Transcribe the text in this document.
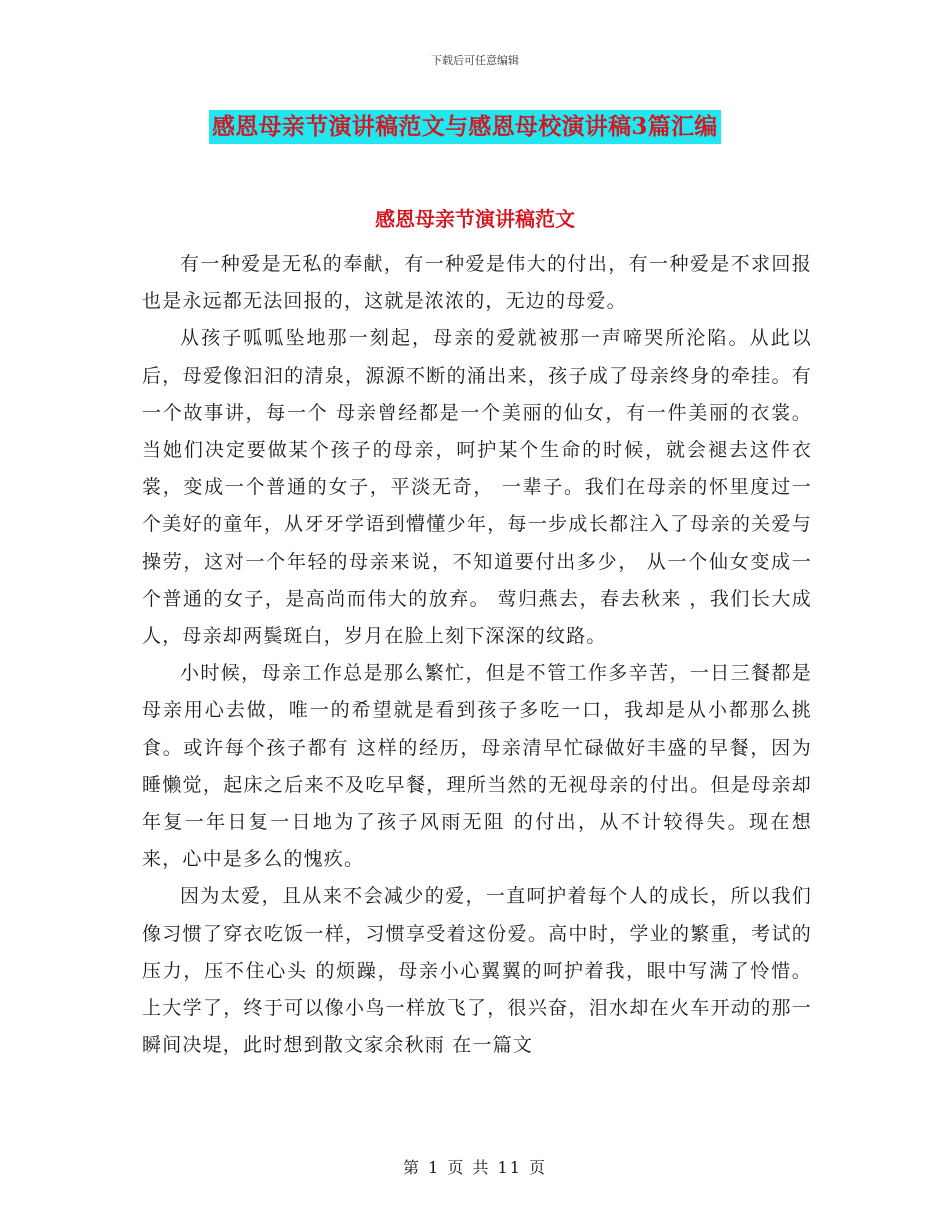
下载后可任意编辑
感恩母亲节演讲稿范文与感恩母校演讲稿3篇汇编
感恩母亲节演讲稿范文

有一种爱是无私的奉献，有一种爱是伟大的付出，有一种爱是不求回报也是永远都无法回报的，这就是浓浓的，无边的母爱。

从孩子呱呱坠地那一刻起，母亲的爱就被那一声啼哭所沦陷。从此以后，母爱像汩汩的清泉，源源不断的涌出来，孩子成了母亲终身的牵挂。有一个故事讲，每一个 母亲曾经都是一个美丽的仙女，有一件美丽的衣裳。当她们决定要做某个孩子的母亲，呵护某个生命的时候，就会褪去这件衣裳，变成一个普通的女子，平淡无奇， 一辈子。我们在母亲的怀里度过一个美好的童年，从牙牙学语到懵懂少年，每一步成长都注入了母亲的关爱与操劳，这对一个年轻的母亲来说，不知道要付出多少， 从一个仙女变成一个普通的女子，是高尚而伟大的放弃。 莺归燕去，春去秋来 ，我们长大成人，母亲却两鬓斑白，岁月在脸上刻下深深的纹路。

小时候，母亲工作总是那么繁忙，但是不管工作多辛苦，一日三餐都是母亲用心去做，唯一的希望就是看到孩子多吃一口，我却是从小都那么挑食。或许每个孩子都有 这样的经历，母亲清早忙碌做好丰盛的早餐，因为睡懒觉，起床之后来不及吃早餐，理所当然的无视母亲的付出。但是母亲却年复一年日复一日地为了孩子风雨无阻 的付出，从不计较得失。现在想来，心中是多么的愧疚。

因为太爱，且从来不会减少的爱，一直呵护着每个人的成长，所以我们像习惯了穿衣吃饭一样，习惯享受着这份爱。高中时，学业的繁重，考试的压力，压不住心头 的烦躁，母亲小心翼翼的呵护着我，眼中写满了怜惜。上大学了，终于可以像小鸟一样放飞了，很兴奋，泪水却在火车开动的那一瞬间决堤，此时想到散文家余秋雨 在一篇文

第 1 页 共 11 页
